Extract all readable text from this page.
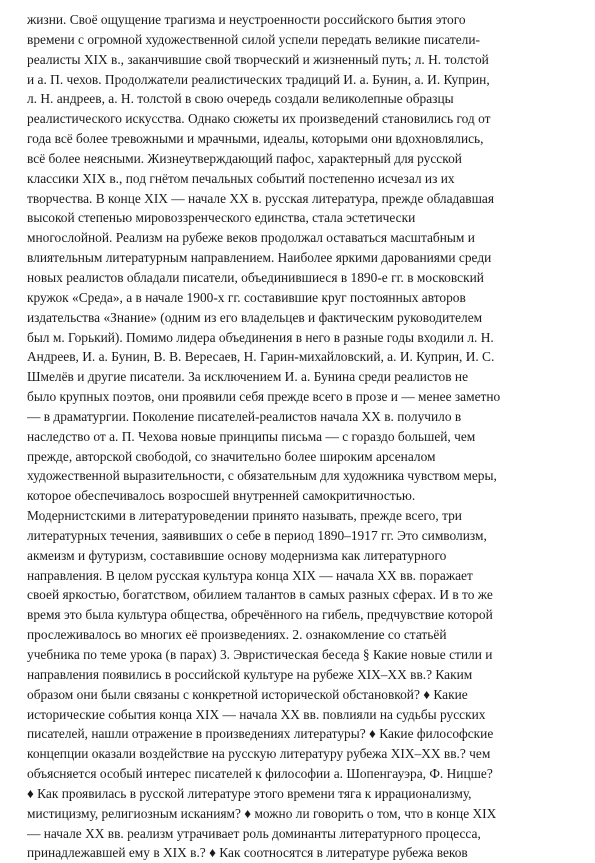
жизни. Своё ощущение трагизма и неустроенности российского бытия этого
времени с огромной художественной силой успели передать великие писатели-
реалисты XIX в., заканчившие свой творческий и жизненный путь; л. Н. толстой
и а. П. чехов. Продолжатели реалистических традиций И. а. Бунин, а. И. Куприн,
л. Н. андреев, а. Н. толстой в свою очередь создали великолепные образцы
реалистического искусства. Однако сюжеты их произведений становились год от
года всё более тревожными и мрачными, идеалы, которыми они вдохновлялись,
всё более неясными. Жизнеутверждающий пафос, характерный для русской
классики XIX в., под гнётом печальных событий постепенно исчезал из их
творчества. В конце XIX — начале XX в. русская литература, прежде обладавшая
высокой степенью мировоззренческого единства, стала эстетически
многослойной. Реализм на рубеже веков продолжал оставаться масштабным и
влиятельным литературным направлением. Наиболее яркими дарованиями среди
новых реалистов обладали писатели, объединившиеся в 1890-е гг. в московский
кружок «Среда», а в начале 1900-х гг. составившие круг постоянных авторов
издательства «Знание» (одним из его владельцев и фактическим руководителем
был м. Горький). Помимо лидера объединения в него в разные годы входили л. Н.
Андреев, И. а. Бунин, В. В. Вересаев, Н. Гарин-михайловский, а. И. Куприн, И. С.
Шмелёв и другие писатели. За исключением И. а. Бунина среди реалистов не
было крупных поэтов, они проявили себя прежде всего в прозе и — менее заметно
— в драматургии. Поколение писателей-реалистов начала XX в. получило в
наследство от а. П. Чехова новые принципы письма — с гораздо большей, чем
прежде, авторской свободой, со значительно более широким арсеналом
художественной выразительности, с обязательным для художника чувством меры,
которое обеспечивалось возросшей внутренней самокритичностью.
Модернистскими в литературоведении принято называть, прежде всего, три
литературных течения, заявивших о себе в период 1890–1917 гг. Это символизм,
акмеизм и футуризм, составившие основу модернизма как литературного
направления. В целом русская культура конца XIX — начала XX вв. поражает
своей яркостью, богатством, обилием талантов в самых разных сферах. И в то же
время это была культура общества, обречённого на гибель, предчувствие которой
прослеживалось во многих её произведениях. 2. ознакомление со статьёй
учебника по теме урока (в парах) 3. Эвристическая беседа § Какие новые стили и
направления появились в российской культуре на рубеже XIX–XX вв.? Каким
образом они были связаны с конкретной исторической обстановкой? ♦ Какие
исторические события конца XIX — начала XX вв. повлияли на судьбы русских
писателей, нашли отражение в произведениях литературы? ♦ Какие философские
концепции оказали воздействие на русскую литературу рубежа XIX–XX вв.? чем
объясняется особый интерес писателей к философии а. Шопенгауэра, Ф. Ницше?
♦ Как проявилась в русской литературе этого времени тяга к иррационализму,
мистицизму, религиозным исканиям? ♦ можно ли говорить о том, что в конце XIX
— начале XX вв. реализм утрачивает роль доминанты литературного процесса,
принадлежавшей ему в XIX в.? ♦ Как соотносятся в литературе рубежа веков
